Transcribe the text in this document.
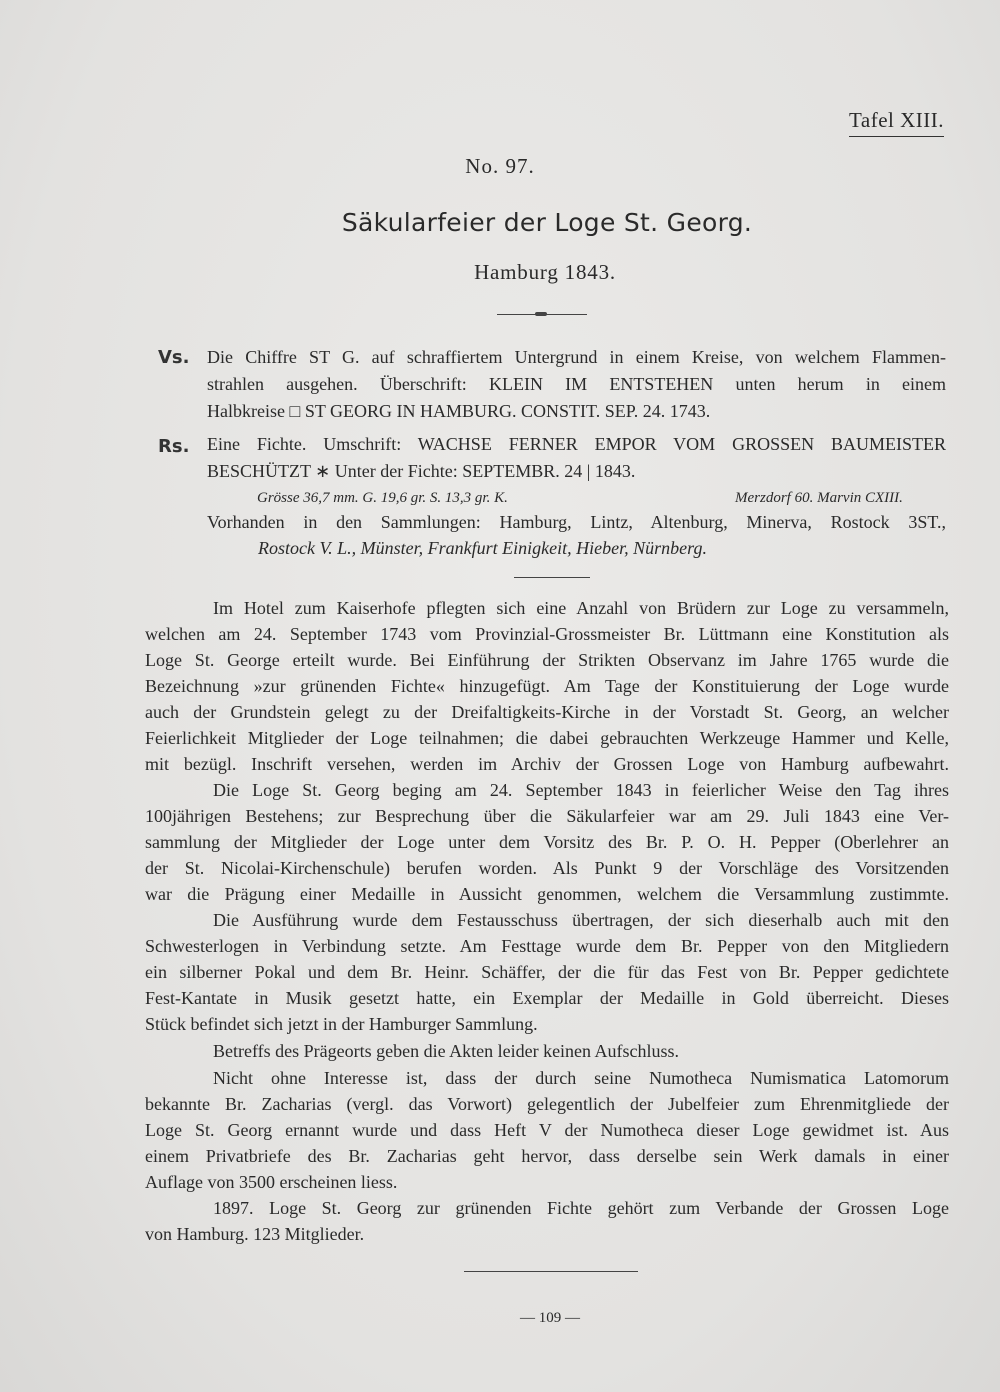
Tafel XIII.
No. 97.
Säkularfeier der Loge St. Georg.
Hamburg 1843.
Vs. Die Chiffre ST G. auf schraffiertem Untergrund in einem Kreise, von welchem Flammen-
strahlen ausgehen. Überschrift: KLEIN IM ENTSTEHEN unten herum in einem
Halbkreise □ ST GEORG IN HAMBURG. CONSTIT. SEP. 24. 1743.
Rs. Eine Fichte. Umschrift: WACHSE FERNER EMPOR VOM GROSSEN BAUMEISTER
BESCHÜTZT ∗ Unter der Fichte: SEPTEMBR. 24 | 1843.
Grösse 36,7 mm. G. 19,6 gr. S. 13,3 gr. K.	Merzdorf 60. Marvin CXIII.
Vorhanden in den Sammlungen: Hamburg, Lintz, Altenburg, Minerva, Rostock 3ST.,
Rostock V. L., Münster, Frankfurt Einigkeit, Hieber, Nürnberg.
Im Hotel zum Kaiserhofe pflegten sich eine Anzahl von Brüdern zur Loge zu versammeln,
welchen am 24. September 1743 vom Provinzial-Grossmeister Br. Lüttmann eine Konstitution als
Loge St. George erteilt wurde. Bei Einführung der Strikten Observanz im Jahre 1765 wurde die
Bezeichnung »zur grünenden Fichte« hinzugefügt. Am Tage der Konstituierung der Loge wurde
auch der Grundstein gelegt zu der Dreifaltigkeits-Kirche in der Vorstadt St. Georg, an welcher
Feierlichkeit Mitglieder der Loge teilnahmen; die dabei gebrauchten Werkzeuge Hammer und Kelle,
mit bezügl. Inschrift versehen, werden im Archiv der Grossen Loge von Hamburg aufbewahrt.
Die Loge St. Georg beging am 24. September 1843 in feierlicher Weise den Tag ihres
100jährigen Bestehens; zur Besprechung über die Säkularfeier war am 29. Juli 1843 eine Ver-
sammlung der Mitglieder der Loge unter dem Vorsitz des Br. P. O. H. Pepper (Oberlehrer an
der St. Nicolai-Kirchenschule) berufen worden. Als Punkt 9 der Vorschläge des Vorsitzenden
war die Prägung einer Medaille in Aussicht genommen, welchem die Versammlung zustimmte.
Die Ausführung wurde dem Festausschuss übertragen, der sich dieserhalb auch mit den
Schwesterlogen in Verbindung setzte. Am Festtage wurde dem Br. Pepper von den Mitgliedern
ein silberner Pokal und dem Br. Heinr. Schäffer, der die für das Fest von Br. Pepper gedichtete
Fest-Kantate in Musik gesetzt hatte, ein Exemplar der Medaille in Gold überreicht. Dieses
Stück befindet sich jetzt in der Hamburger Sammlung.
Betreffs des Prägeorts geben die Akten leider keinen Aufschluss.
Nicht ohne Interesse ist, dass der durch seine Numotheca Numismatica Latomorum
bekannte Br. Zacharias (vergl. das Vorwort) gelegentlich der Jubelfeier zum Ehrenmitgliede der
Loge St. Georg ernannt wurde und dass Heft V der Numotheca dieser Loge gewidmet ist. Aus
einem Privatbriefe des Br. Zacharias geht hervor, dass derselbe sein Werk damals in einer
Auflage von 3500 erscheinen liess.
1897. Loge St. Georg zur grünenden Fichte gehört zum Verbande der Grossen Loge
von Hamburg. 123 Mitglieder.
— 109 —
